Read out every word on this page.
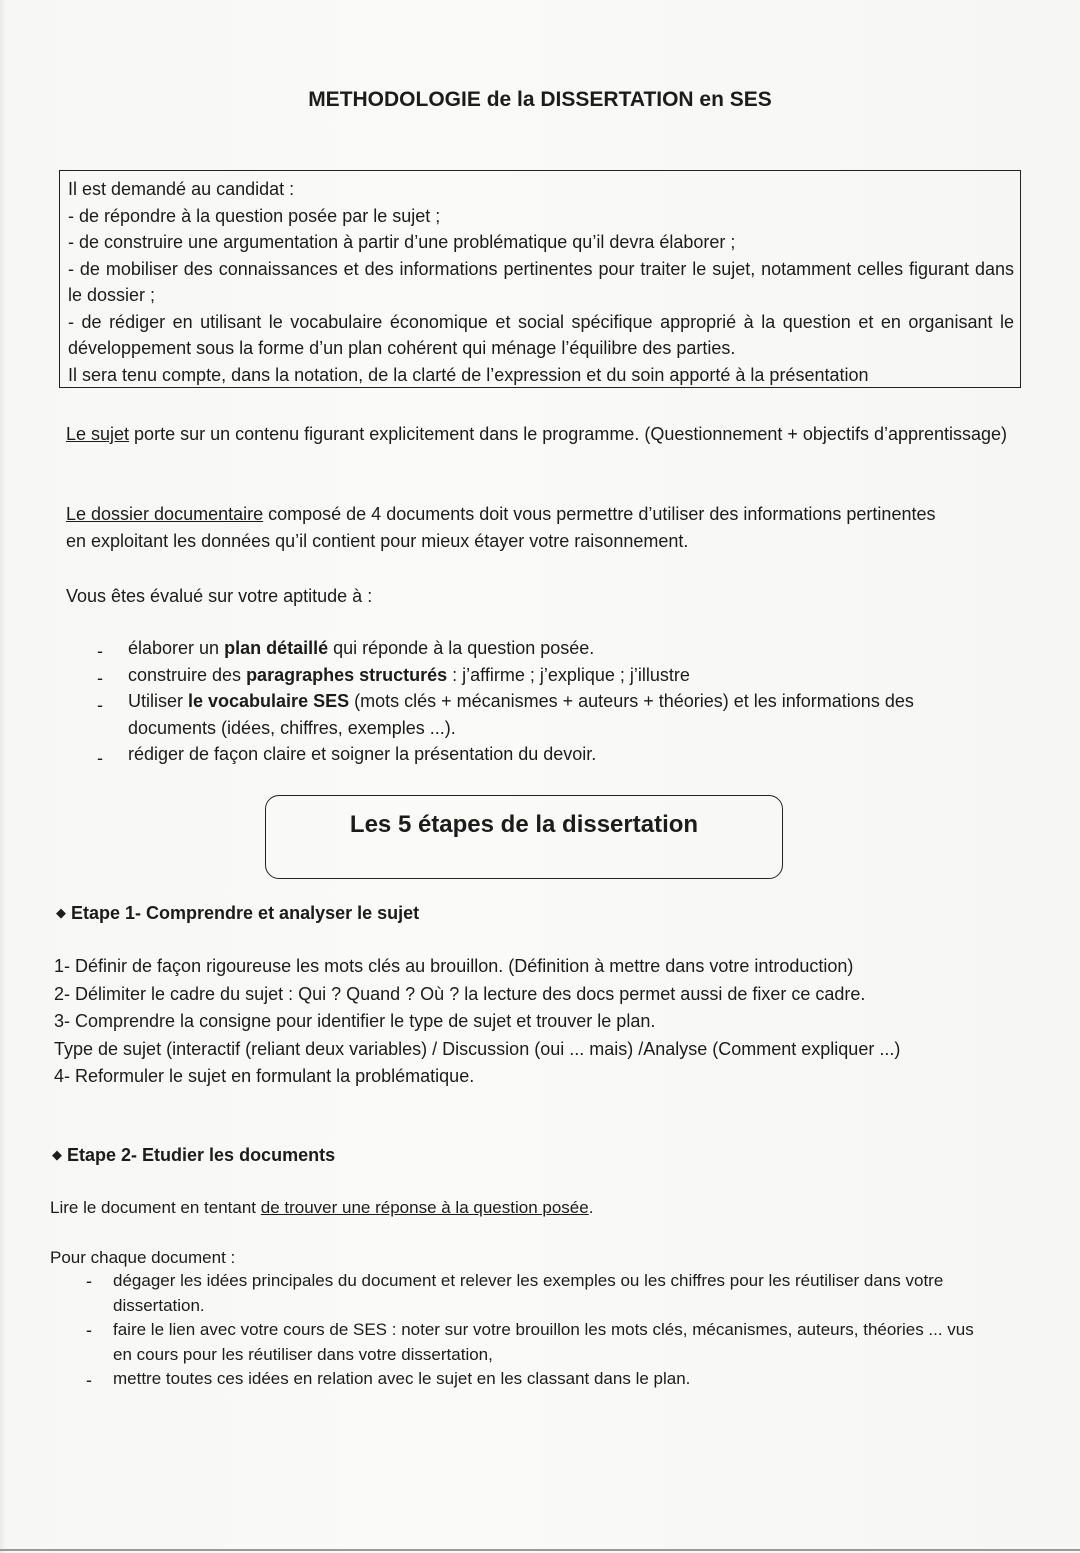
METHODOLOGIE de la DISSERTATION en SES

Il est demandé au candidat :

- de répondre à la question posée par le sujet ;

- de construire une argumentation à partir d’une problématique qu’il devra élaborer ;

- de mobiliser des connaissances et des informations pertinentes pour traiter le sujet, notamment celles figurant dans le dossier ;

- de rédiger en utilisant le vocabulaire économique et social spécifique approprié à la question et en organisant le développement sous la forme d’un plan cohérent qui ménage l’équilibre des parties.

Il sera tenu compte, dans la notation, de la clarté de l’expression et du soin apporté à la présentation

Le sujet porte sur un contenu figurant explicitement dans le programme. (Questionnement + objectifs d’apprentissage)
Le dossier documentaire composé de 4 documents doit vous permettre d’utiliser des informations pertinentes en exploitant les données qu’il contient pour mieux étayer votre raisonnement.
Vous êtes évalué sur votre aptitude à :
- élaborer un plan détaillé qui réponde à la question posée.
- construire des paragraphes structurés : j’affirme ; j’explique ; j’illustre
- Utiliser le vocabulaire SES (mots clés + mécanismes + auteurs + théories) et les informations des documents (idées, chiffres, exemples ...).
- rédiger de façon claire et soigner la présentation du devoir.
Les 5 étapes de la dissertation
◆ Etape 1- Comprendre et analyser le sujet
1- Définir de façon rigoureuse les mots clés au brouillon. (Définition à mettre dans votre introduction)
2- Délimiter le cadre du sujet : Qui ? Quand ? Où ? la lecture des docs permet aussi de fixer ce cadre.
3- Comprendre la consigne pour identifier le type de sujet et trouver le plan.
Type de sujet (interactif (reliant deux variables) / Discussion (oui ... mais) /Analyse (Comment expliquer ...)
4- Reformuler le sujet en formulant la problématique.
◆ Etape 2- Etudier les documents
Lire le document en tentant de trouver une réponse à la question posée.
Pour chaque document :
- dégager les idées principales du document et relever les exemples ou les chiffres pour les réutiliser dans votre dissertation.
- faire le lien avec votre cours de SES : noter sur votre brouillon les mots clés, mécanismes, auteurs, théories ... vus en cours pour les réutiliser dans votre dissertation,
- mettre toutes ces idées en relation avec le sujet en les classant dans le plan.
